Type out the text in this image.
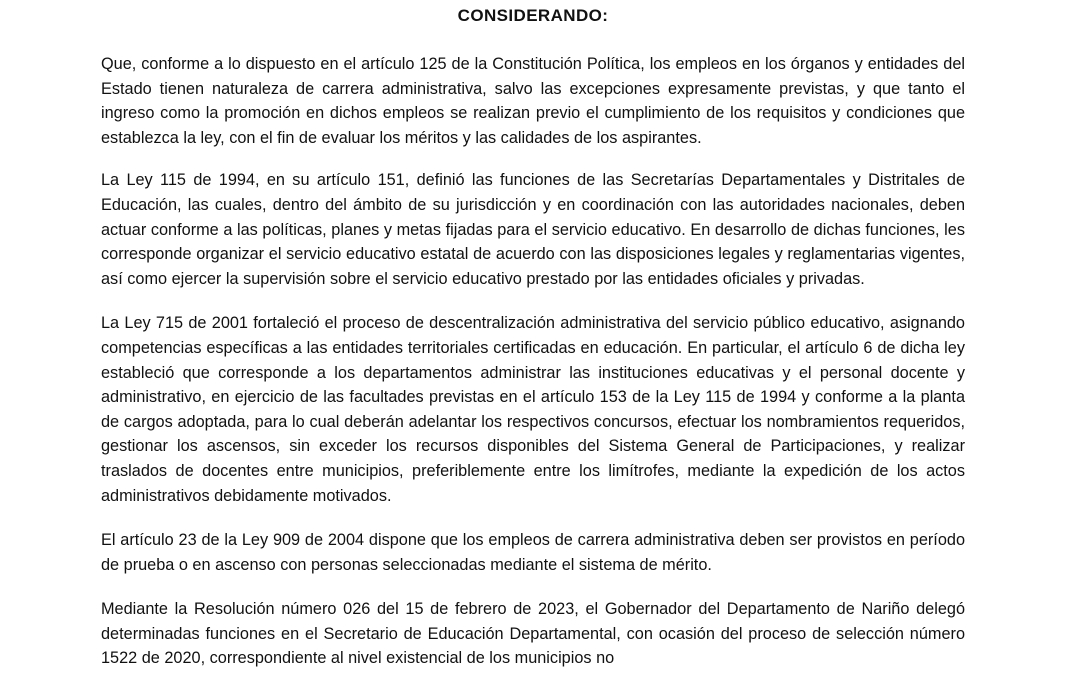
CONSIDERANDO:

Que, conforme a lo dispuesto en el artículo 125 de la Constitución Política, los empleos en los órganos y entidades del Estado tienen naturaleza de carrera administrativa, salvo las excepciones expresamente previstas, y que tanto el ingreso como la promoción en dichos empleos se realizan previo el cumplimiento de los requisitos y condiciones que establezca la ley, con el fin de evaluar los méritos y las calidades de los aspirantes.

La Ley 115 de 1994, en su artículo 151, definió las funciones de las Secretarías Departamentales y Distritales de Educación, las cuales, dentro del ámbito de su jurisdicción y en coordinación con las autoridades nacionales, deben actuar conforme a las políticas, planes y metas fijadas para el servicio educativo. En desarrollo de dichas funciones, les corresponde organizar el servicio educativo estatal de acuerdo con las disposiciones legales y reglamentarias vigentes, así como ejercer la supervisión sobre el servicio educativo prestado por las entidades oficiales y privadas.

La Ley 715 de 2001 fortaleció el proceso de descentralización administrativa del servicio público educativo, asignando competencias específicas a las entidades territoriales certificadas en educación. En particular, el artículo 6 de dicha ley estableció que corresponde a los departamentos administrar las instituciones educativas y el personal docente y administrativo, en ejercicio de las facultades previstas en el artículo 153 de la Ley 115 de 1994 y conforme a la planta de cargos adoptada, para lo cual deberán adelantar los respectivos concursos, efectuar los nombramientos requeridos, gestionar los ascensos, sin exceder los recursos disponibles del Sistema General de Participaciones, y realizar traslados de docentes entre municipios, preferiblemente entre los limítrofes, mediante la expedición de los actos administrativos debidamente motivados.

El artículo 23 de la Ley 909 de 2004 dispone que los empleos de carrera administrativa deben ser provistos en período de prueba o en ascenso con personas seleccionadas mediante el sistema de mérito.

Mediante la Resolución número 026 del 15 de febrero de 2023, el Gobernador del Departamento de Nariño delegó determinadas funciones en el Secretario de Educación Departamental, con ocasión del proceso de selección número 1522 de 2020, correspondiente al nivel existencial de los municipios no
